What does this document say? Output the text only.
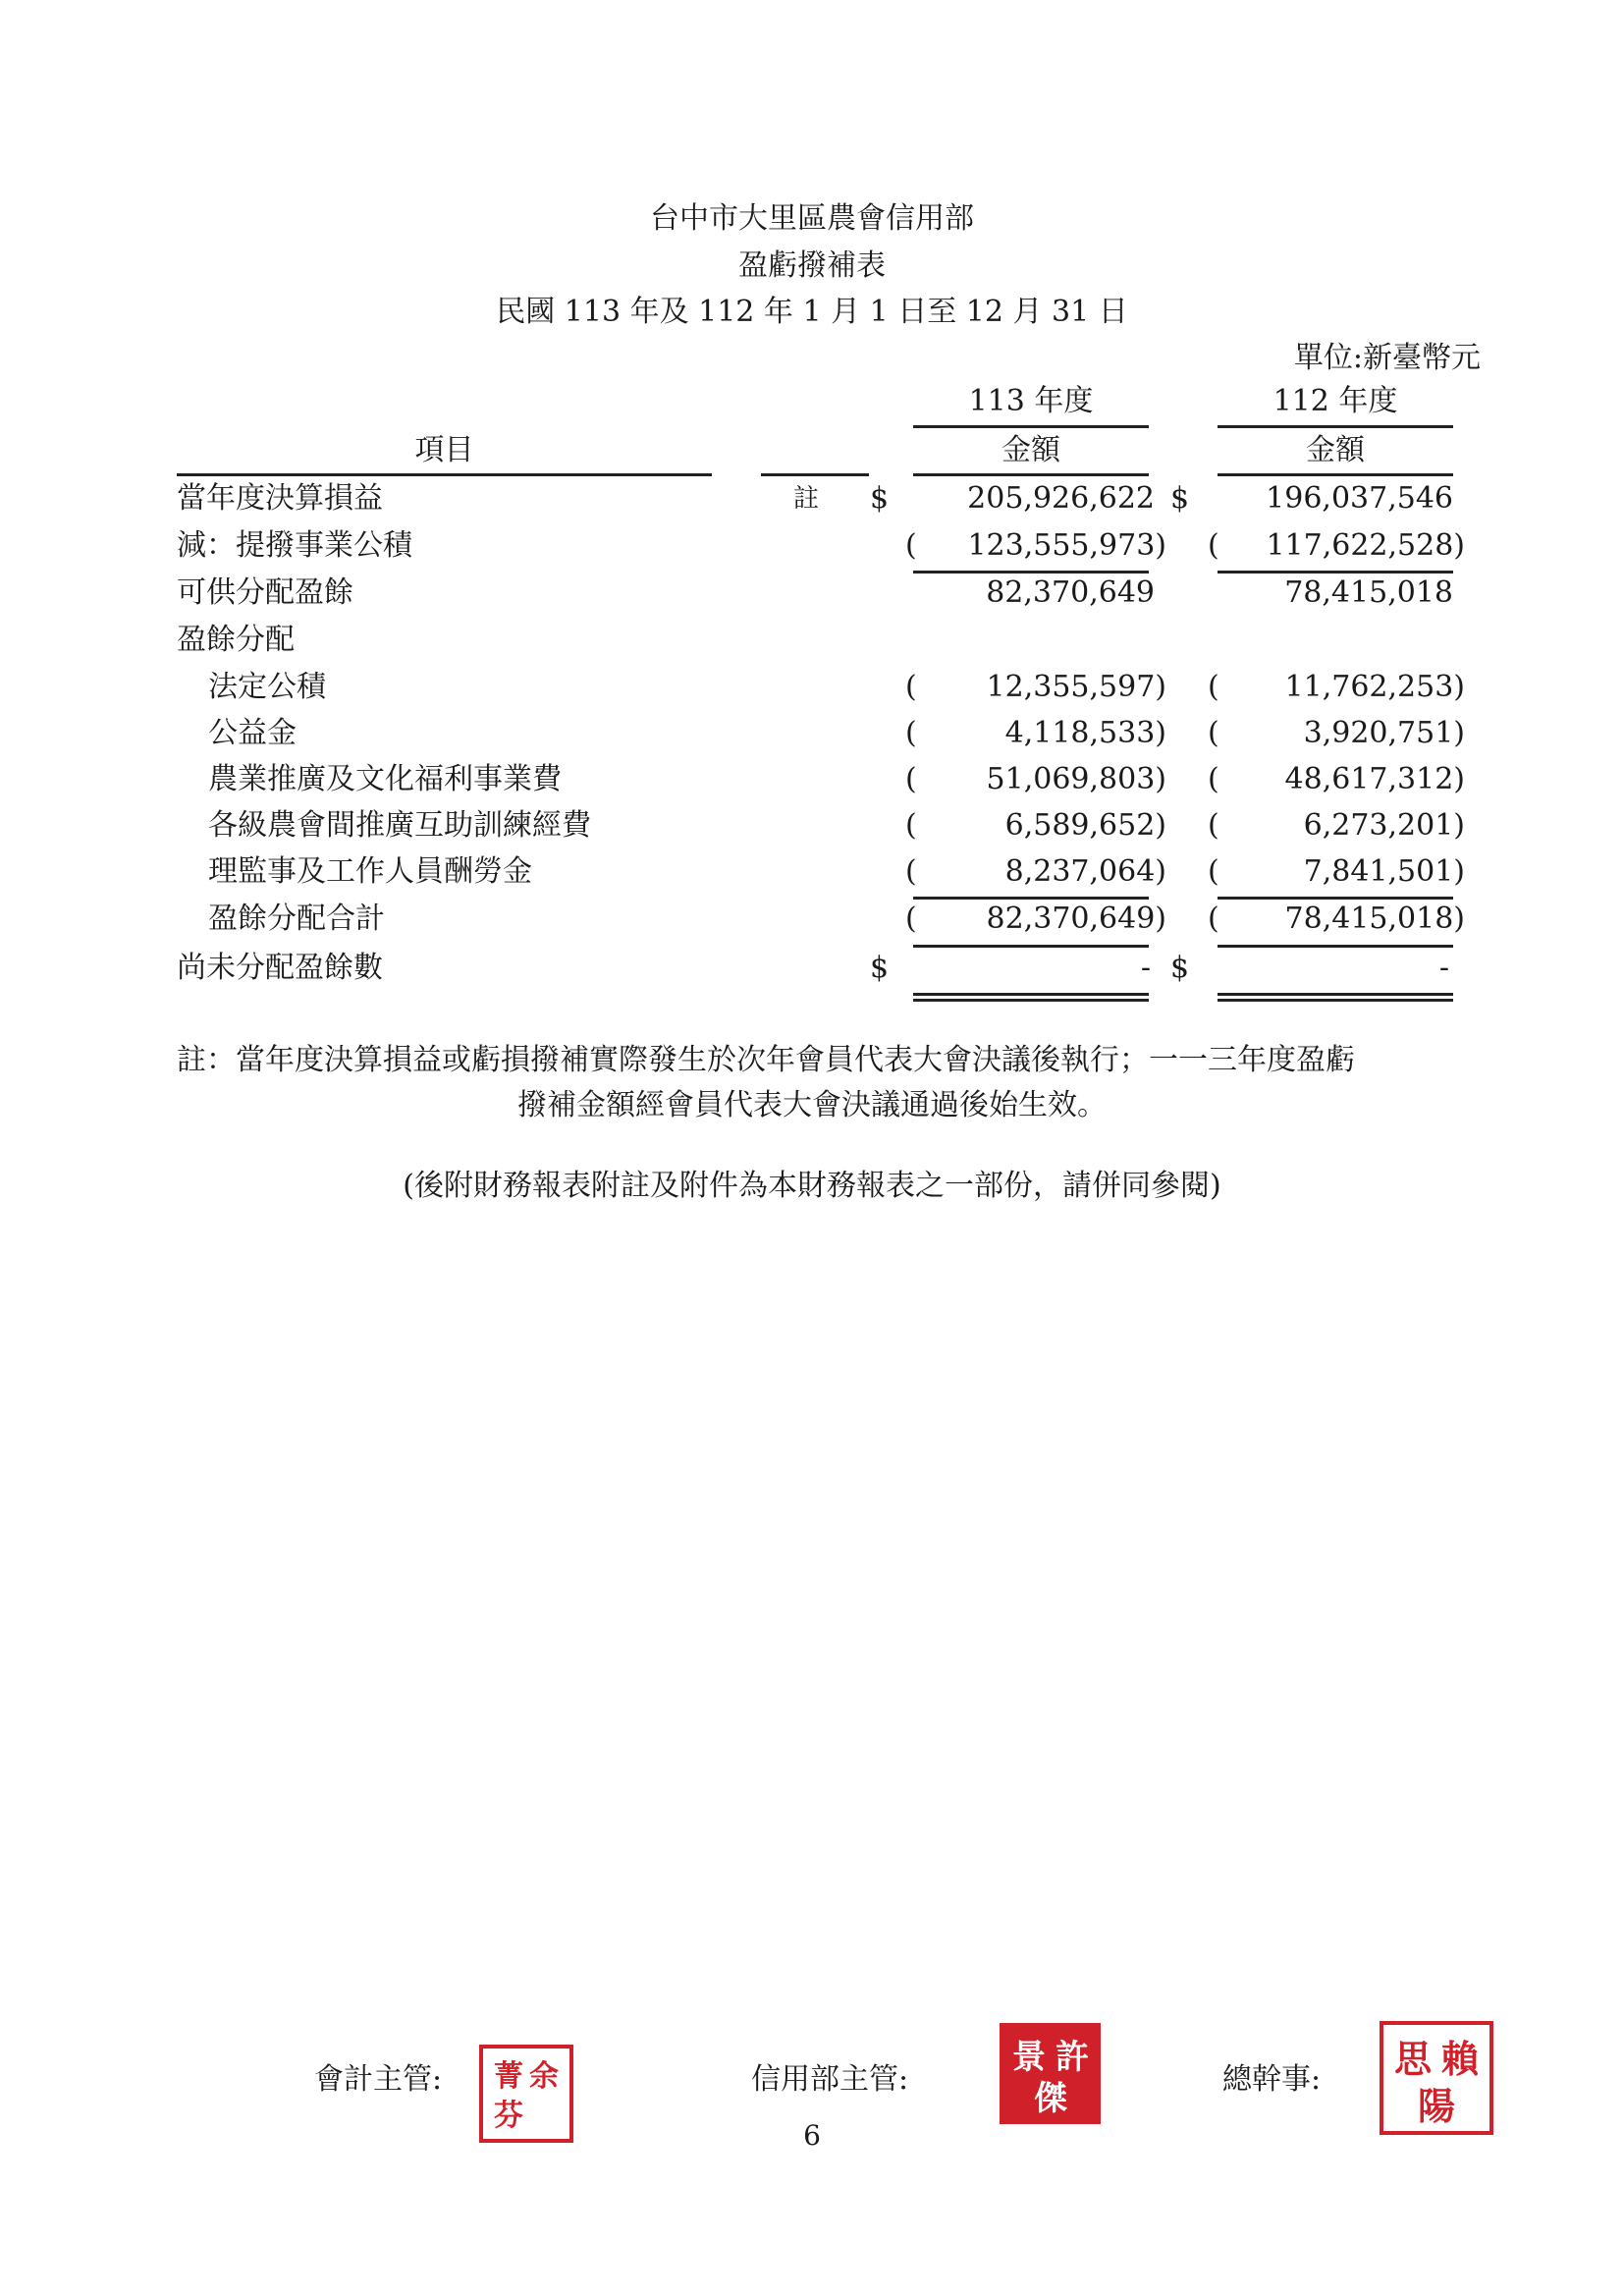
台中市大里區農會信用部
盈虧撥補表
民國 113 年及 112 年 1 月 1 日至 12 月 31 日
單位:新臺幣元
113 年度	112 年度
項目	金額	金額
當年度決算損益	註 $	205,926,622 $	196,037,546
減：提撥事業公積	( 123,555,973) ( 117,622,528)
可供分配盈餘	82,370,649	78,415,018
盈餘分配
法定公積	( 12,355,597) ( 11,762,253)
公益金	(	4,118,533) (	3,920,751)
農業推廣及文化福利事業費	( 51,069,803) ( 48,617,312)
各級農會間推廣互助訓練經費	(	6,589,652) (	6,273,201)
理監事及工作人員酬勞金	(	8,237,064) (	7,841,501)
盈餘分配合計	( 82,370,649) ( 78,415,018)
尚未分配盈餘數	$	- $	-
註：當年度決算損益或虧損撥補實際發生於次年會員代表大會決議後執行；一一三年度盈虧
撥補金額經會員代表大會決議通過後始生效。
(後附財務報表附註及附件為本財務報表之一部份，請併同參閱)
會計主管:	余
菁
芬
信用部主管:
許
景
傑	總幹事:	賴
思
陽
6
